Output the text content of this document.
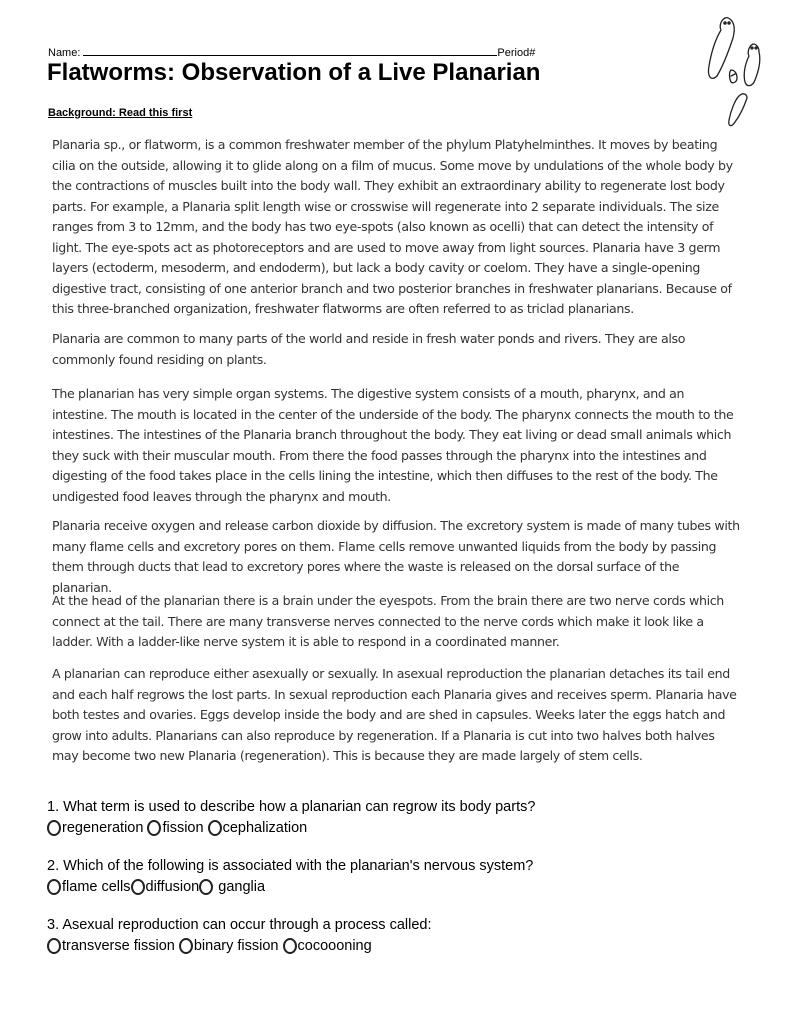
Name:	Period#
Flatworms: Observation of a Live Planarian
Background: Read this first

Planaria sp., or flatworm, is a common freshwater member of the phylum Platyhelminthes. It moves by beating cilia on the outside, allowing it to glide along on a film of mucus. Some move by undulations of the whole body by the contractions of muscles built into the body wall. They exhibit an extraordinary ability to regenerate lost body parts. For example, a Planaria split length wise or crosswise will regenerate into 2 separate individuals. The size ranges from 3 to 12mm, and the body has two eye-spots (also known as ocelli) that can detect the intensity of light. The eye-spots act as photoreceptors and are used to move away from light sources. Planaria have 3 germ layers (ectoderm, mesoderm, and endoderm), but lack a body cavity or coelom. They have a single-opening digestive tract, consisting of one anterior branch and two posterior branches in freshwater planarians. Because of this three-branched organization, freshwater flatworms are often referred to as triclad planarians.

Planaria are common to many parts of the world and reside in fresh water ponds and rivers. They are also commonly found residing on plants.

The planarian has very simple organ systems. The digestive system consists of a mouth, pharynx, and an intestine. The mouth is located in the center of the underside of the body. The pharynx connects the mouth to the intestines. The intestines of the Planaria branch throughout the body. They eat living or dead small animals which they suck with their muscular mouth. From there the food passes through the pharynx into the intestines and digesting of the food takes place in the cells lining the intestine, which then diffuses to the rest of the body. The undigested food leaves through the pharynx and mouth.

Planaria receive oxygen and release carbon dioxide by diffusion. The excretory system is made of many tubes with many flame cells and excretory pores on them. Flame cells remove unwanted liquids from the body by passing them through ducts that lead to excretory pores where the waste is released on the dorsal surface of the planarian.

At the head of the planarian there is a brain under the eyespots. From the brain there are two nerve cords which connect at the tail. There are many transverse nerves connected to the nerve cords which make it look like a ladder. With a ladder-like nerve system it is able to respond in a coordinated manner.

A planarian can reproduce either asexually or sexually. In asexual reproduction the planarian detaches its tail end and each half regrows the lost parts. In sexual reproduction each Planaria gives and receives sperm. Planaria have both testes and ovaries. Eggs develop inside the body and are shed in capsules. Weeks later the eggs hatch and grow into adults. Planarians can also reproduce by regeneration. If a Planaria is cut into two halves both halves may become two new Planaria (regeneration). This is because they are made largely of stem cells.

1. What term is used to describe how a planarian can regrow its body parts?
regeneration
fission
cephalization
2. Which of the following is associated with the planarian's nervous system?
flame cells diffusion ganglia
3. Asexual reproduction can occur through a process called:
transverse fission
binary fission
cocoooning
